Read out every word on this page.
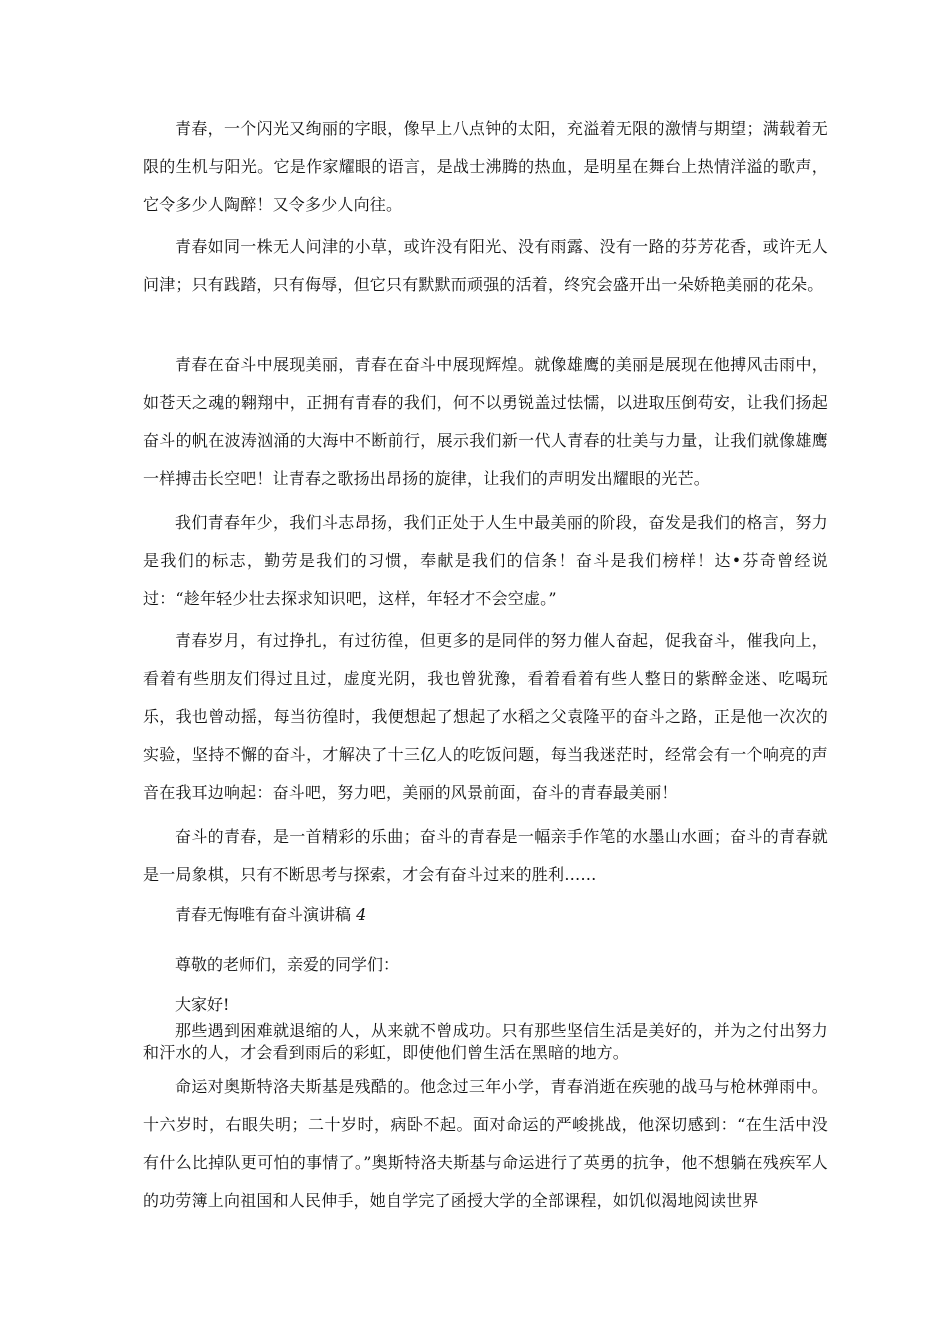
青春，一个闪光又绚丽的字眼，像早上八点钟的太阳，充溢着无限的激情与期望；满载着无限的生机与阳光。它是作家耀眼的语言，是战士沸腾的热血，是明星在舞台上热情洋溢的歌声，它令多少人陶醉！又令多少人向往。

青春如同一株无人问津的小草，或许没有阳光、没有雨露、没有一路的芬芳花香，或许无人问津；只有践踏，只有侮辱，但它只有默默而顽强的活着，终究会盛开出一朵娇艳美丽的花朵。

青春在奋斗中展现美丽，青春在奋斗中展现辉煌。就像雄鹰的美丽是展现在他搏风击雨中，如苍天之魂的翱翔中，正拥有青春的我们，何不以勇锐盖过怯懦，以进取压倒苟安，让我们扬起奋斗的帆在波涛汹涌的大海中不断前行，展示我们新一代人青春的壮美与力量，让我们就像雄鹰一样搏击长空吧！让青春之歌扬出昂扬的旋律，让我们的声明发出耀眼的光芒。

我们青春年少，我们斗志昂扬，我们正处于人生中最美丽的阶段，奋发是我们的格言，努力是我们的标志，勤劳是我们的习惯，奉献是我们的信条！奋斗是我们榜样！达•芬奇曾经说过：“趁年轻少壮去探求知识吧，这样，年轻才不会空虚。”

青春岁月，有过挣扎，有过彷徨，但更多的是同伴的努力催人奋起，促我奋斗，催我向上，看着有些朋友们得过且过，虚度光阴，我也曾犹豫，看着看着有些人整日的紫醉金迷、吃喝玩乐，我也曾动摇，每当彷徨时，我便想起了想起了水稻之父袁隆平的奋斗之路，正是他一次次的实验，坚持不懈的奋斗，才解决了十三亿人的吃饭问题，每当我迷茫时，经常会有一个响亮的声音在我耳边响起：奋斗吧，努力吧，美丽的风景前面，奋斗的青春最美丽！

奋斗的青春，是一首精彩的乐曲；奋斗的青春是一幅亲手作笔的水墨山水画；奋斗的青春就是一局象棋，只有不断思考与探索，才会有奋斗过来的胜利……

青春无悔唯有奋斗演讲稿 4

尊敬的老师们，亲爱的同学们：

大家好!

那些遇到困难就退缩的人，从来就不曾成功。只有那些坚信生活是美好的，并为之付出努力和汗水的人，才会看到雨后的彩虹，即使他们曾生活在黑暗的地方。

命运对奥斯特洛夫斯基是残酷的。他念过三年小学，青春消逝在疾驰的战马与枪林弹雨中。十六岁时，右眼失明；二十岁时，病卧不起。面对命运的严峻挑战，他深切感到：“在生活中没有什么比掉队更可怕的事情了。”奥斯特洛夫斯基与命运进行了英勇的抗争，他不想躺在残疾军人的功劳簿上向祖国和人民伸手，她自学完了函授大学的全部课程，如饥似渴地阅读世界
